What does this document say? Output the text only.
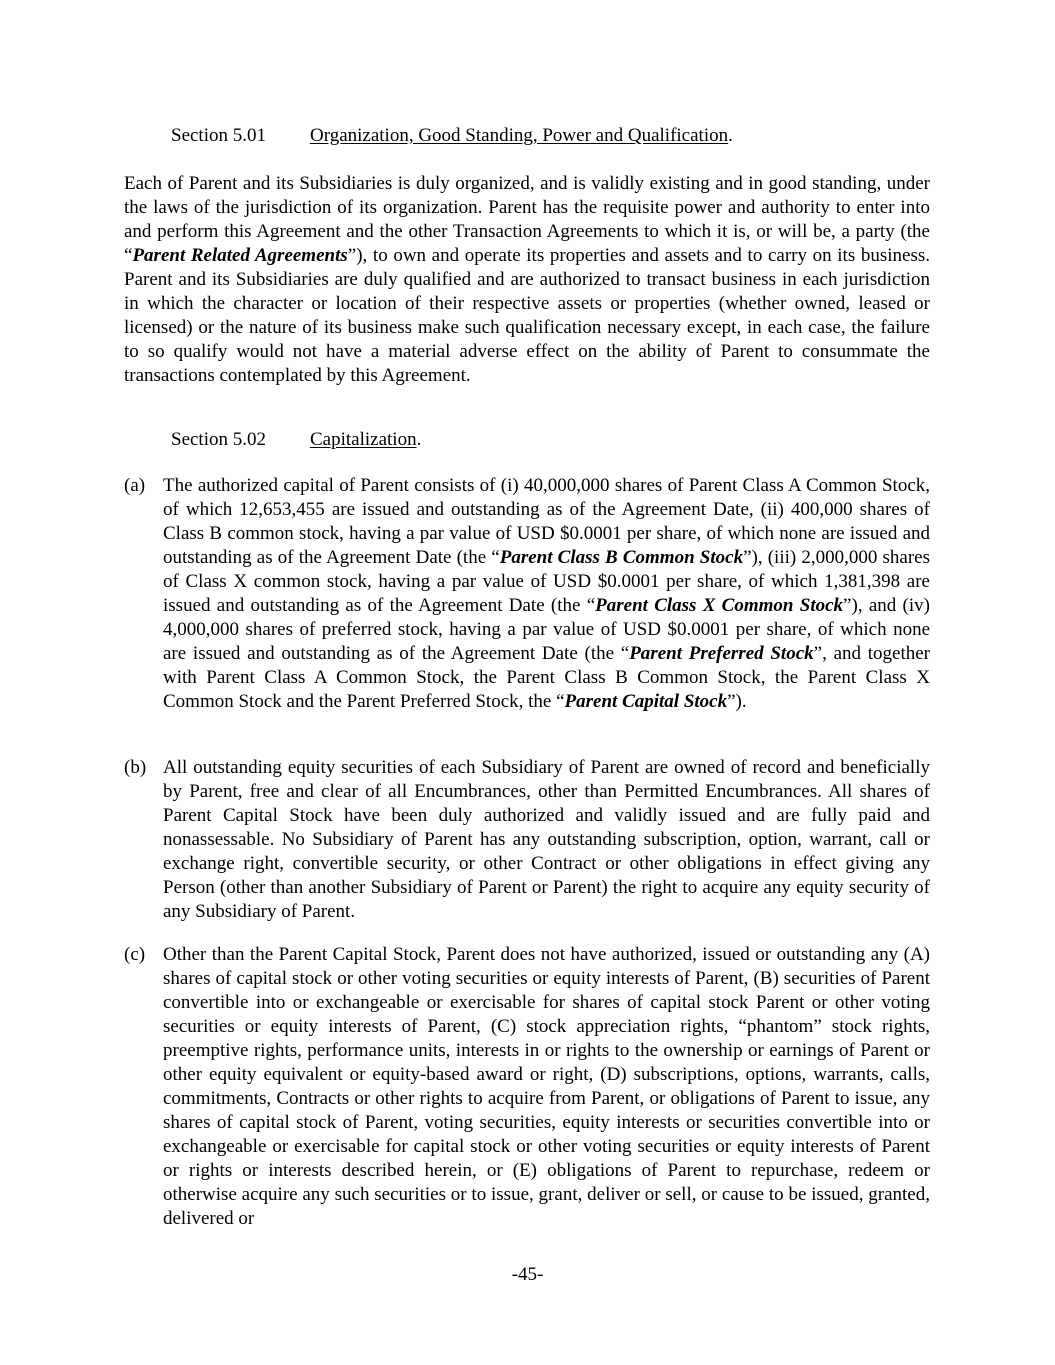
Section 5.01 Organization, Good Standing, Power and Qualification.

Each of Parent and its Subsidiaries is duly organized, and is validly existing and in good standing, under the laws of the jurisdiction of its organization. Parent has the requisite power and authority to enter into and perform this Agreement and the other Transaction Agreements to which it is, or will be, a party (the “Parent Related Agreements”), to own and operate its properties and assets and to carry on its business. Parent and its Subsidiaries are duly qualified and are authorized to transact business in each jurisdiction in which the character or location of their respective assets or properties (whether owned, leased or licensed) or the nature of its business make such qualification necessary except, in each case, the failure to so qualify would not have a material adverse effect on the ability of Parent to consummate the transactions contemplated by this Agreement.

Section 5.02 Capitalization.
(a) The authorized capital of Parent consists of (i) 40,000,000 shares of Parent Class A Common Stock, of which 12,653,455 are issued and outstanding as of the Agreement Date, (ii) 400,000 shares of Class B common stock, having a par value of USD $0.0001 per share, of which none are issued and outstanding as of the Agreement Date (the “Parent Class B Common Stock”), (iii) 2,000,000 shares of Class X common stock, having a par value of USD $0.0001 per share, of which 1,381,398 are issued and outstanding as of the Agreement Date (the “Parent Class X Common Stock”), and (iv) 4,000,000 shares of preferred stock, having a par value of USD $0.0001 per share, of which none are issued and outstanding as of the Agreement Date (the “Parent Preferred Stock”, and together with Parent Class A Common Stock, the Parent Class B Common Stock, the Parent Class X Common Stock and the Parent Preferred Stock, the “Parent Capital Stock”).
(b) All outstanding equity securities of each Subsidiary of Parent are owned of record and beneficially by Parent, free and clear of all Encumbrances, other than Permitted Encumbrances. All shares of Parent Capital Stock have been duly authorized and validly issued and are fully paid and nonassessable. No Subsidiary of Parent has any outstanding subscription, option, warrant, call or exchange right, convertible security, or other Contract or other obligations in effect giving any Person (other than another Subsidiary of Parent or Parent) the right to acquire any equity security of any Subsidiary of Parent.
(c) Other than the Parent Capital Stock, Parent does not have authorized, issued or outstanding any (A) shares of capital stock or other voting securities or equity interests of Parent, (B) securities of Parent convertible into or exchangeable or exercisable for shares of capital stock Parent or other voting securities or equity interests of Parent, (C) stock appreciation rights, “phantom” stock rights, preemptive rights, performance units, interests in or rights to the ownership or earnings of Parent or other equity equivalent or equity-based award or right, (D) subscriptions, options, warrants, calls, commitments, Contracts or other rights to acquire from Parent, or obligations of Parent to issue, any shares of capital stock of Parent, voting securities, equity interests or securities convertible into or exchangeable or exercisable for capital stock or other voting securities or equity interests of Parent or rights or interests described herein, or (E) obligations of Parent to repurchase, redeem or otherwise acquire any such securities or to issue, grant, deliver or sell, or cause to be issued, granted, delivered or
-45-
